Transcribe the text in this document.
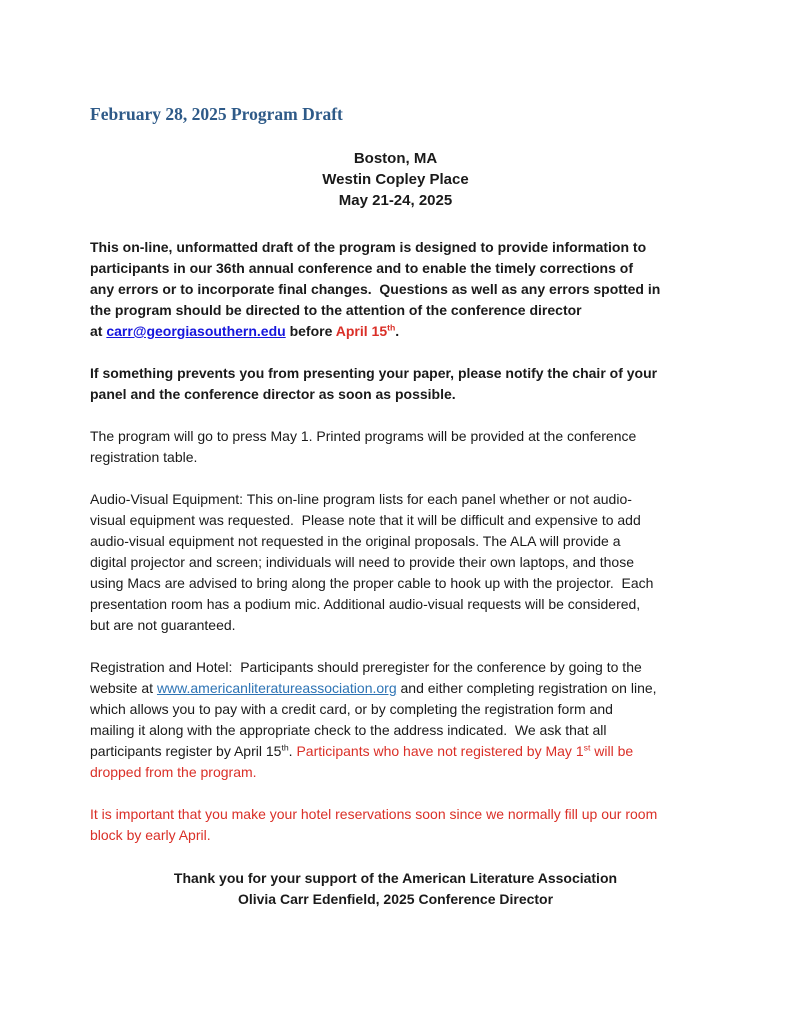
February 28, 2025 Program Draft
Boston, MA
Westin Copley Place
May 21-24, 2025
This on-line, unformatted draft of the program is designed to provide information to
participants in our 36th annual conference and to enable the timely corrections of
any errors or to incorporate final changes.  Questions as well as any errors spotted in
the program should be directed to the attention of the conference director
at carr@georgiasouthern.edu before April 15th.
If something prevents you from presenting your paper, please notify the chair of your
panel and the conference director as soon as possible.
The program will go to press May 1. Printed programs will be provided at the conference
registration table.
Audio-Visual Equipment: This on-line program lists for each panel whether or not audio-
visual equipment was requested.  Please note that it will be difficult and expensive to add
audio-visual equipment not requested in the original proposals. The ALA will provide a
digital projector and screen; individuals will need to provide their own laptops, and those
using Macs are advised to bring along the proper cable to hook up with the projector.  Each
presentation room has a podium mic. Additional audio-visual requests will be considered,
but are not guaranteed.
Registration and Hotel:  Participants should preregister for the conference by going to the
website at www.americanliteratureassociation.org and either completing registration on line,
which allows you to pay with a credit card, or by completing the registration form and
mailing it along with the appropriate check to the address indicated.  We ask that all
participants register by April 15th. Participants who have not registered by May 1st will be
dropped from the program.
It is important that you make your hotel reservations soon since we normally fill up our room
block by early April.
Thank you for your support of the American Literature Association
Olivia Carr Edenfield, 2025 Conference Director
